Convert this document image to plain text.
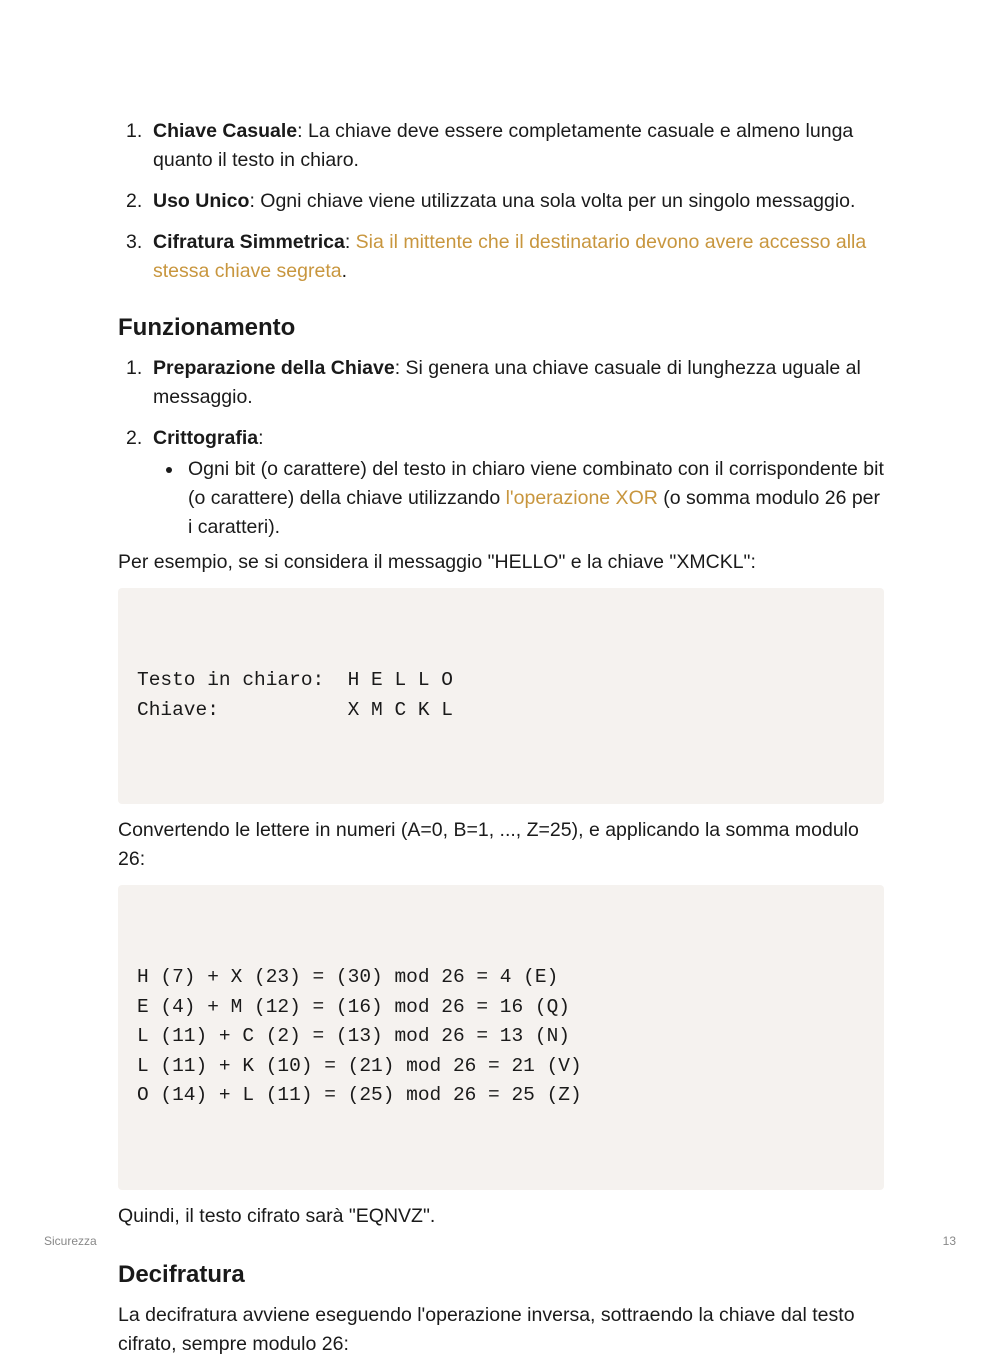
1. Chiave Casuale: La chiave deve essere completamente casuale e almeno lunga quanto il testo in chiaro.
2. Uso Unico: Ogni chiave viene utilizzata una sola volta per un singolo messaggio.
3. Cifratura Simmetrica: Sia il mittente che il destinatario devono avere accesso alla stessa chiave segreta.
Funzionamento
1. Preparazione della Chiave: Si genera una chiave casuale di lunghezza uguale al messaggio.
2. Crittografia:
Ogni bit (o carattere) del testo in chiaro viene combinato con il corrispondente bit (o carattere) della chiave utilizzando l'operazione XOR (o somma modulo 26 per i caratteri).

Per esempio, se si considera il messaggio "HELLO" e la chiave "XMCKL":

Testo in chiaro:  H E L L O
Chiave:           X M C K L

Convertendo le lettere in numeri (A=0, B=1, ..., Z=25), e applicando la somma modulo 26:

H (7) + X (23) = (30) mod 26 = 4 (E)
E (4) + M (12) = (16) mod 26 = 16 (Q)
L (11) + C (2) = (13) mod 26 = 13 (N)
L (11) + K (10) = (21) mod 26 = 21 (V)
O (14) + L (11) = (25) mod 26 = 25 (Z)

Quindi, il testo cifrato sarà "EQNVZ".

Decifratura

La decifratura avviene eseguendo l'operazione inversa, sottraendo la chiave dal testo cifrato, sempre modulo 26:

Sicurezza	13
